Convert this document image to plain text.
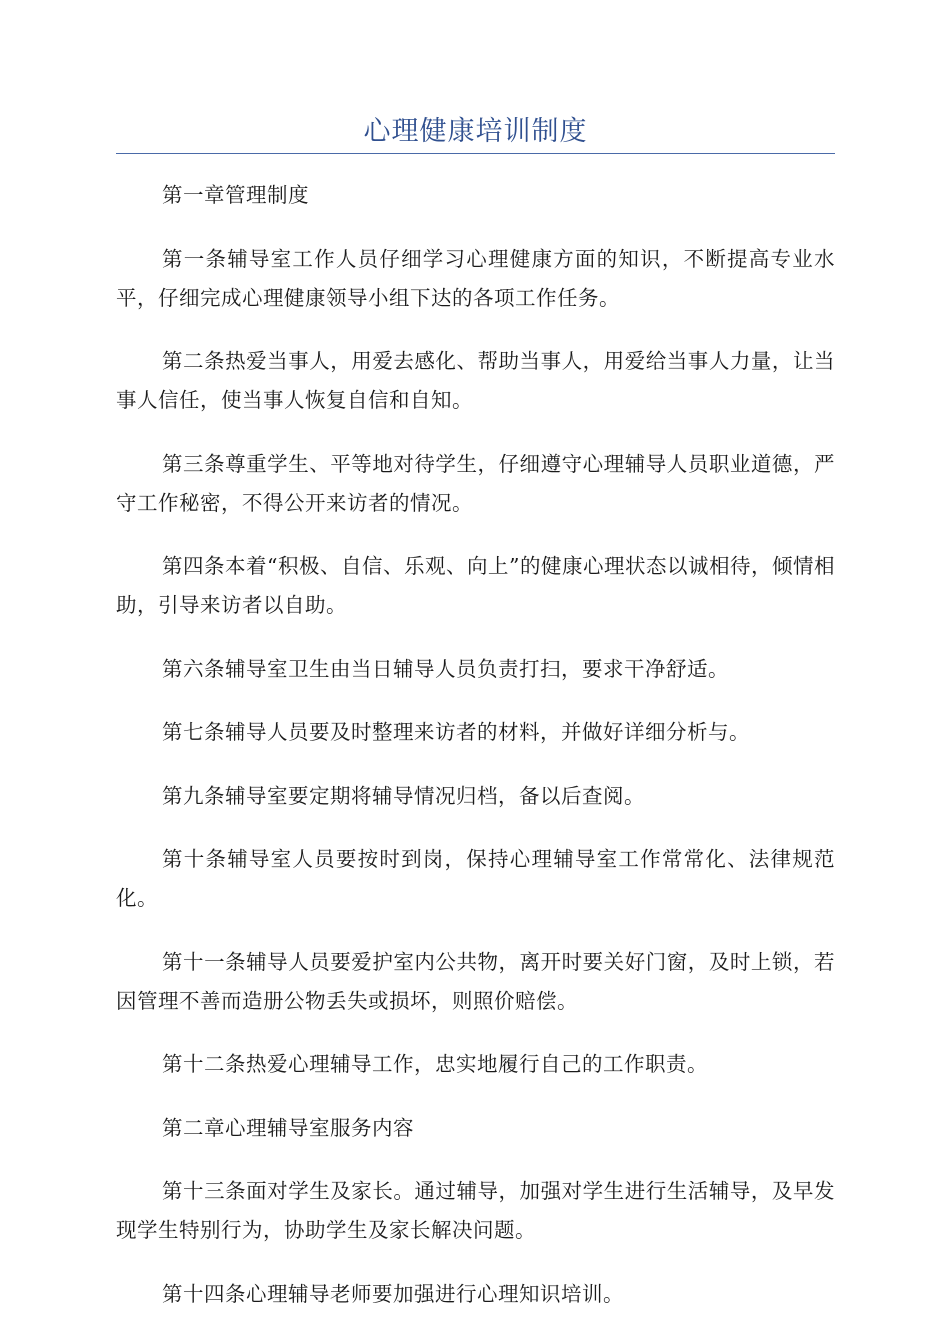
心理健康培训制度

第一章管理制度

第一条辅导室工作人员仔细学习心理健康方面的知识，不断提高专业水平，仔细完成心理健康领导小组下达的各项工作任务。

第二条热爱当事人，用爱去感化、帮助当事人，用爱给当事人力量，让当事人信任，使当事人恢复自信和自知。

第三条尊重学生、平等地对待学生，仔细遵守心理辅导人员职业道德，严守工作秘密，不得公开来访者的情况。

第四条本着“积极、自信、乐观、向上”的健康心理状态以诚相待，倾情相助，引导来访者以自助。

第六条辅导室卫生由当日辅导人员负责打扫，要求干净舒适。

第七条辅导人员要及时整理来访者的材料，并做好详细分析与。

第九条辅导室要定期将辅导情况归档，备以后查阅。

第十条辅导室人员要按时到岗，保持心理辅导室工作常常化、法律规范化。

第十一条辅导人员要爱护室内公共物，离开时要关好门窗，及时上锁，若因管理不善而造册公物丢失或损坏，则照价赔偿。

第十二条热爱心理辅导工作，忠实地履行自己的工作职责。

第二章心理辅导室服务内容

第十三条面对学生及家长。通过辅导，加强对学生进行生活辅导，及早发现学生特别行为，协助学生及家长解决问题。

第十四条心理辅导老师要加强进行心理知识培训。
